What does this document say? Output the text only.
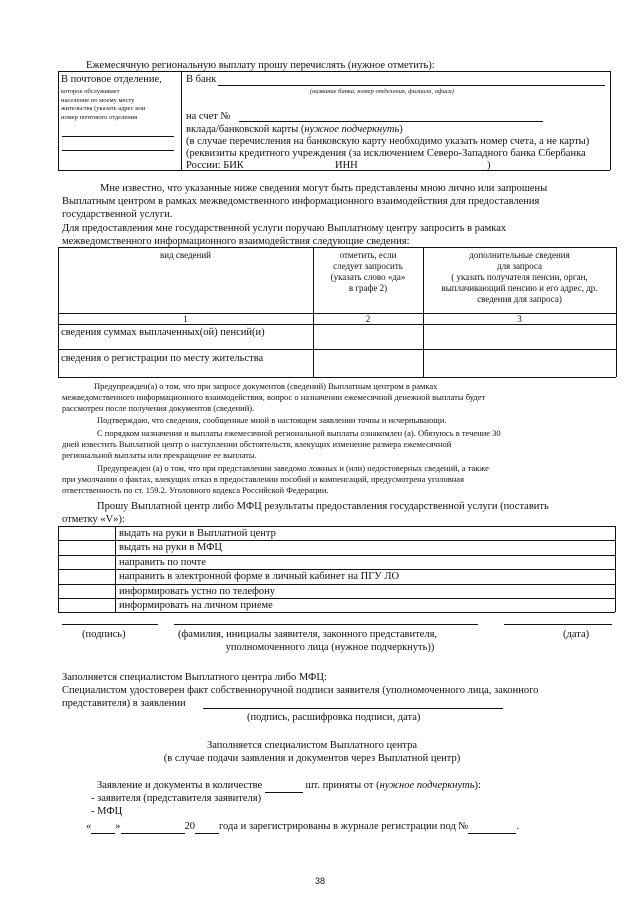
Ежемесячную региональную выплату прошу перечислять (нужное отметить):
В почтовое отделение,
которое обслуживает
население по моему месту
жительства (указать адрес или
номер почтового отделения
В банк
(название банка, номер отделения, филиала, офиса)
на счет №
вклада/банковской карты (нужное подчеркнуть)
(в случае перечисления на банковскую карту необходимо указать номер счета, а не карты)
(реквизиты кредитного учреждения (за исключением Северо-Западного банка Сбербанка
России: БИК	ИНН	)
Мне известно, что указанные ниже сведения могут быть представлены мною лично или запрошены
Выплатным центром в рамках межведомственного информационного взаимодействия для предоставления
государственной услуги.
Для предоставления мне государственной услуги поручаю Выплатному центру запросить в рамках
межведомственного информационного взаимодействия следующие сведения:
вид сведений	отметить, если
следует запросить
(указать слово «да»
в графе 2)
дополнительные сведения
для запроса
( указать получателя пенсии, орган,
выплачивающий пенсию и его адрес, др.
сведения для запроса)
1	2	3
сведения суммах выплаченных(ой) пенсий(и)
сведения о регистрации по месту жительства
Предупрежден(а) о том, что при запросе документов (сведений) Выплатным центром в рамках
межведомственного информационного взаимодействия, вопрос о назначении ежемесячной денежной выплаты будет
рассмотрен после получения документов (сведений).
Подтверждаю, что сведения, сообщенные мной в настоящем заявлении точны и исчерпывающи.
С порядком назначения и выплаты ежемесячной региональной выплаты ознакомлен (а). Обязуюсь в течение 30
дней известить Выплатной центр о наступлении обстоятельств, влекущих изменение размера ежемесячной
региональной выплаты или прекращение ее выплаты.
Предупрежден (а) о том, что при представлении заведомо ложных и (или) недостоверных сведений, а также
при умолчании о фактах, влекущих отказ в предоставлении пособий и компенсаций, предусмотрена уголовная
ответственность по ст. 159.2. Уголовного кодекса Российской Федерации.
Прошу Выплатной центр либо МФЦ результаты предоставления государственной услуги (поставить
отметку «V»):
выдать на руки в Выплатной центр
выдать на руки в МФЦ
направить по почте
направить в электронной форме в личный кабинет на ПГУ ЛО
информировать устно по телефону
информировать на личном приеме
(подпись)	(фамилия, инициалы заявителя, законного представителя,
уполномоченного лица (нужное подчеркнуть))
(дата)
Заполняется специалистом Выплатного центра либо МФЦ:
Специалистом удостоверен факт собственноручной подписи заявителя (уполномоченного лица, законного
представителя) в заявлении
(подпись, расшифровка подписи, дата)
Заполняется специалистом Выплатного центра
(в случае подачи заявления и документов через Выплатной центр)
Заявление и документы в количестве	шт. приняты от (нужное подчеркнуть):
- заявителя (представителя заявителя)
- МФЦ
« »	20 года и зарегистрированы в журнале регистрации под №	.
38
